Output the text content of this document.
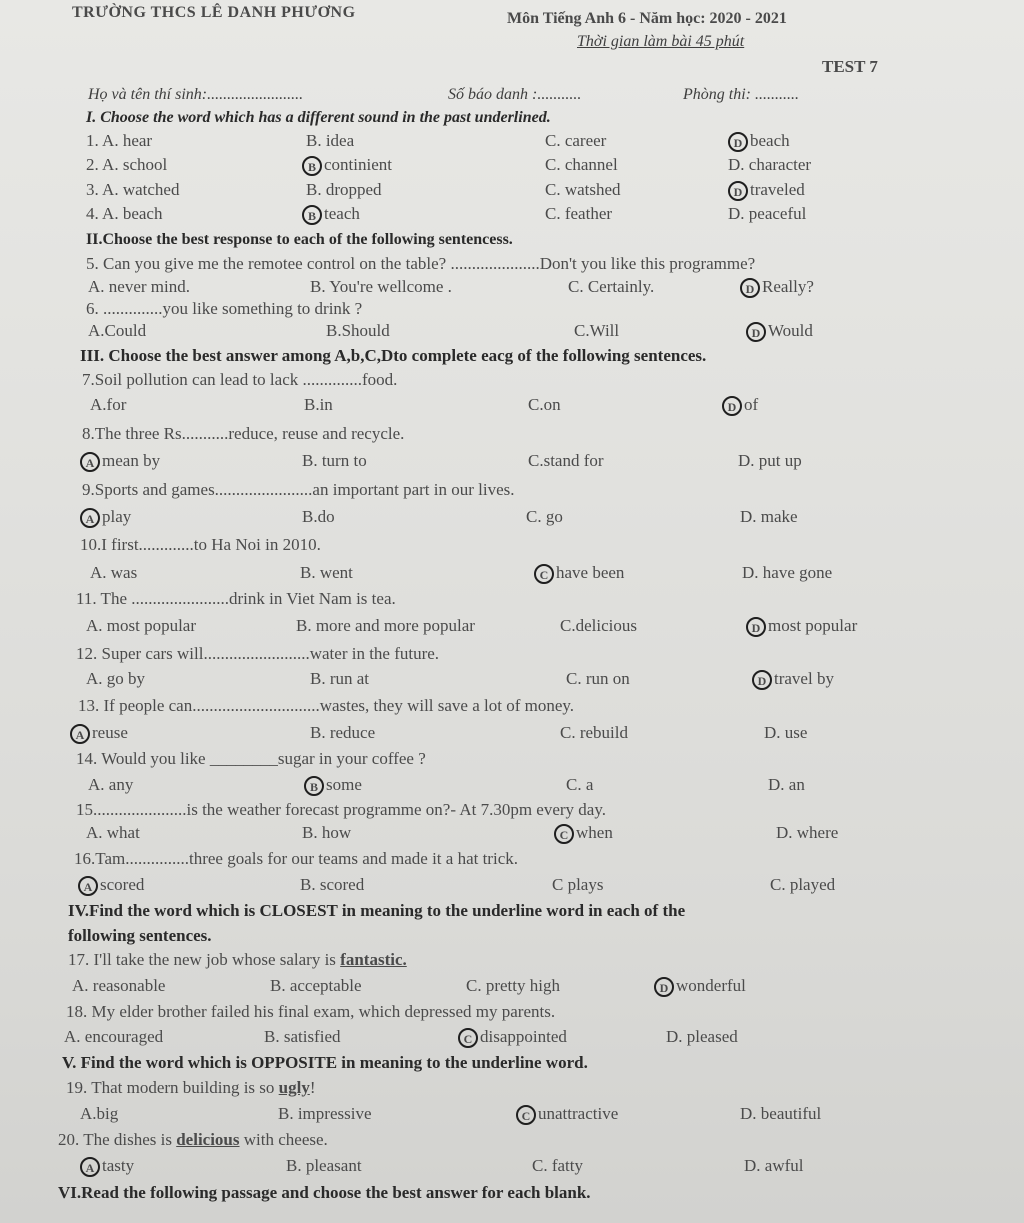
TRƯỜNG THCS LÊ DANH PHƯƠNG	Môn Tiếng Anh 6 - Năm học: 2020 - 2021
Thời gian làm bài 45 phút
TEST 7
Họ và tên thí sinh:........................	Số báo danh :...........	Phòng thi: ...........
I. Choose the word which has a different sound in the past underlined.
1. A. hear	B. idea	C. career	D beach
2. A. school	B continient	C. channel	D. character
3. A. watched	B. dropped	C. watshed	D traveled
4. A. beach	B teach	C. feather	D. peaceful
5. Can you give me the remotee control on the table? .....................Don't you like this programme?
A. never mind.	B. You're wellcome .	C. Certainly.	D Really?
6. ..............you like something to drink ?
A.Could	B.Should	C.Will	D Would
7.Soil pollution can lead to lack ..............food.
A.for	B.in	C.on	D of
8.The three Rs...........reduce, reuse and recycle.
A mean by	B. turn to	C.stand for	D. put up
9.Sports and games.......................an important part in our lives.
A play	B.do	C. go	D. make
10.I first.............to Ha Noi in 2010.
A. was	B. went	C have been	D. have gone
11. The .......................drink in Viet Nam is tea.
A. most popular	B. more and more popular	C.delicious	D most popular
12. Super cars will.........................water in the future.
A. go by	B. run at	C. run on	D travel by
13. If people can..............................wastes, they will save a lot of money.
A reuse	B. reduce	C. rebuild	D. use
14. Would you like ________sugar in your coffee ?
A. any	B some	C. a	D. an
15......................is the weather forecast programme on?- At 7.30pm every day.
A. what	B. how	C when	D. where
16.Tam...............three goals for our teams and made it a hat trick.
A scored	B. scored	C plays	C. played
17. I'll take the new job whose salary is fantastic.
A. reasonable	B. acceptable	C. pretty high	D wonderful
18. My elder brother failed his final exam, which depressed my parents.
A. encouraged	B. satisfied	C disappointed	D. pleased
19. That modern building is so ugly!
A.big	B. impressive	C unattractive	D. beautiful
20. The dishes is delicious with cheese.
A tasty	B. pleasant	C. fatty	D. awful
II.Choose the best response to each of the following sentencess.
III. Choose the best answer among A,b,C,Dto complete eacg of the following sentences.
IV.Find the word which is CLOSEST in meaning to the underline word in each of the
following sentences.
V. Find the word which is OPPOSITE in meaning to the underline word.
VI.Read the following passage and choose the best answer for each blank.
